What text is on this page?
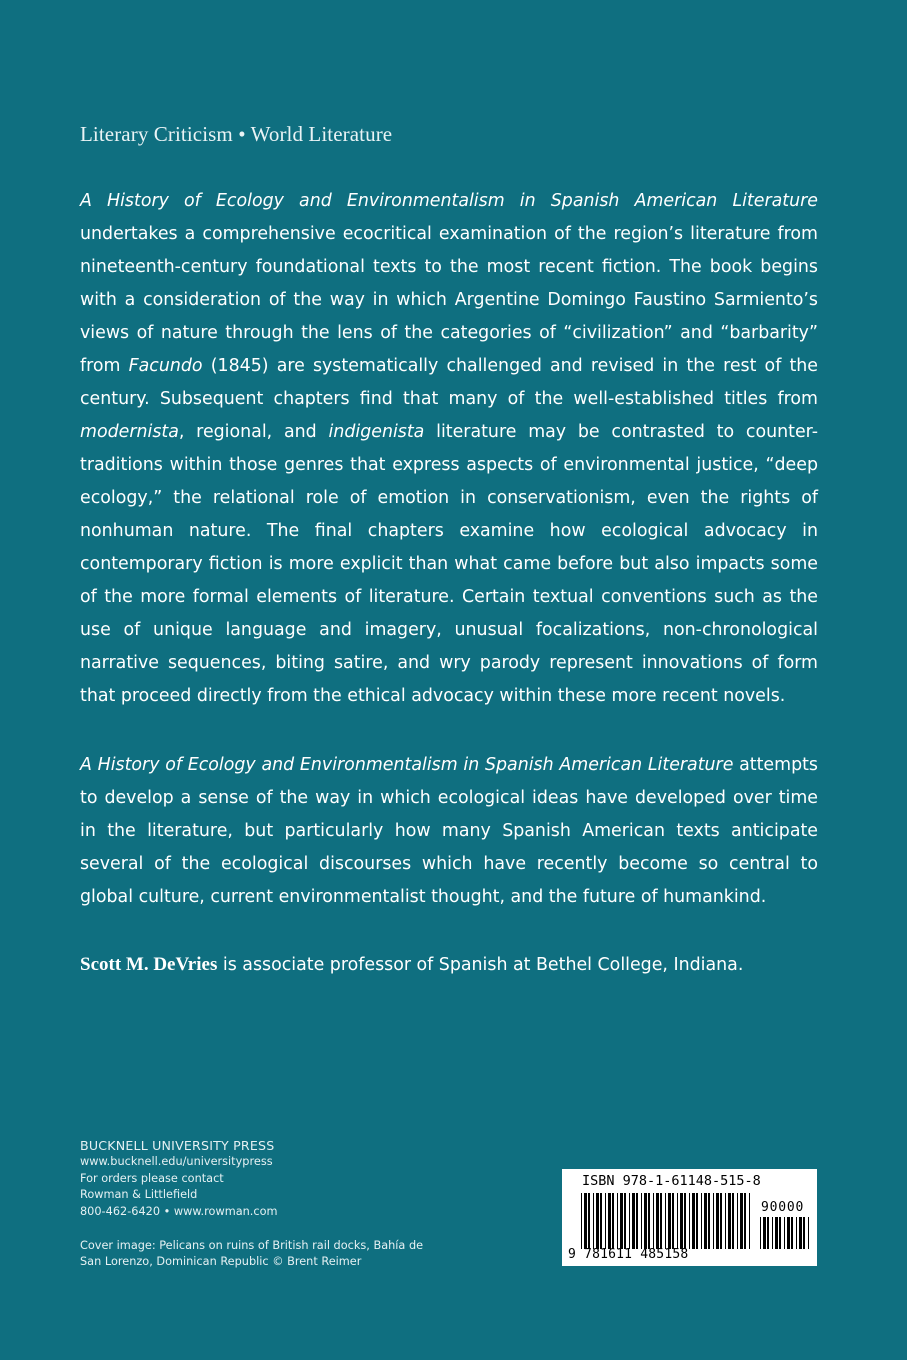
Literary Criticism • World Literature
A History of Ecology and Environmentalism in Spanish American Literature undertakes a comprehensive ecocritical examination of the region’s literature from nineteenth-century foundational texts to the most recent fiction. The book begins with a consideration of the way in which Argentine Domingo Faustino Sarmiento’s views of nature through the lens of the categories of “civilization” and “barbarity” from Facundo (1845) are systematically challenged and revised in the rest of the century. Subsequent chapters find that many of the well-established titles from modernista, regional, and indigenista literature may be contrasted to counter-traditions within those genres that express aspects of environmental justice, “deep ecology,” the relational role of emotion in conservationism, even the rights of nonhuman nature. The final chapters examine how ecological advocacy in contemporary fiction is more explicit than what came before but also impacts some of the more formal elements of literature. Certain textual conventions such as the use of unique language and imagery, unusual focalizations, non-chronological narrative sequences, biting satire, and wry parody represent innovations of form that proceed directly from the ethical advocacy within these more recent novels.
A History of Ecology and Environmentalism in Spanish American Literature attempts to develop a sense of the way in which ecological ideas have developed over time in the literature, but particularly how many Spanish American texts anticipate several of the ecological discourses which have recently become so central to global culture, current environmentalist thought, and the future of humankind.
Scott M. DeVries is associate professor of Spanish at Bethel College, Indiana.
BUCKNELL UNIVERSITY PRESS
www.bucknell.edu/universitypress
For orders please contact
Rowman & Littlefield
800-462-6420 • www.rowman.com
Cover image: Pelicans on ruins of British rail docks, Bahía de San Lorenzo, Dominican Republic © Brent Reimer
ISBN 978-1-61148-515-8
90000
9 781611 485158
